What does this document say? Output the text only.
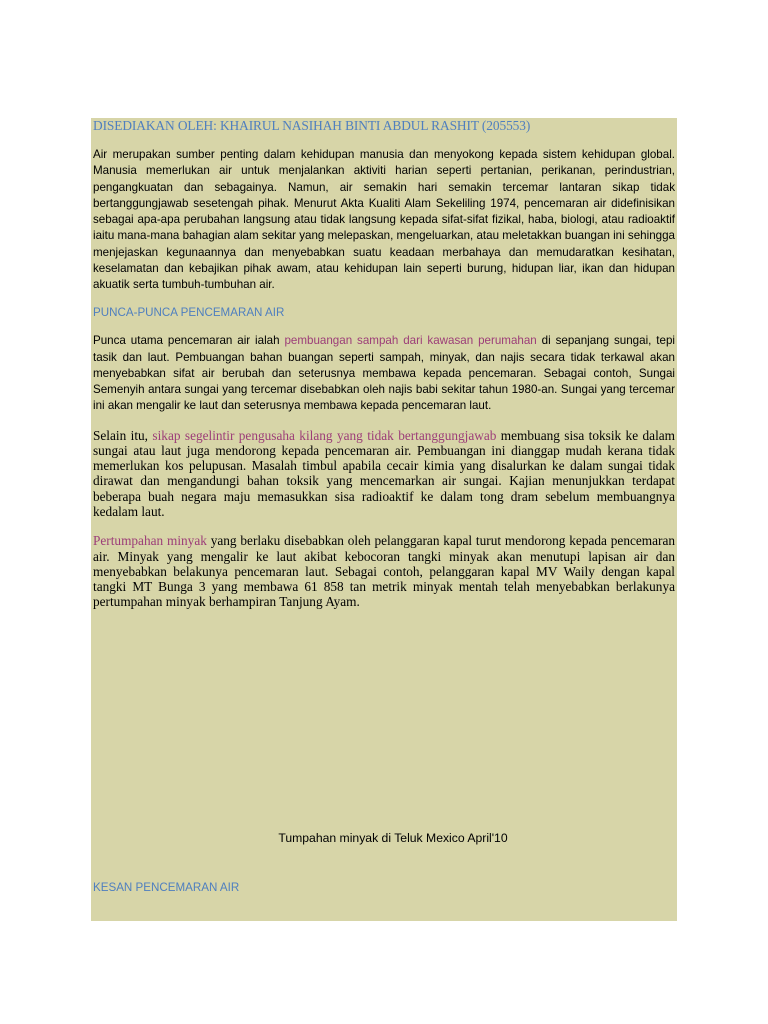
DISEDIAKAN OLEH: KHAIRUL NASIHAH BINTI ABDUL RASHIT (205553)

Air merupakan sumber penting dalam kehidupan manusia dan menyokong kepada sistem kehidupan global. Manusia memerlukan air untuk menjalankan aktiviti harian seperti pertanian, perikanan, perindustrian, pengangkuatan dan sebagainya. Namun, air semakin hari semakin tercemar lantaran sikap tidak bertanggungjawab sesetengah pihak. Menurut Akta Kualiti Alam Sekeliling 1974, pencemaran air didefinisikan sebagai apa-apa perubahan langsung atau tidak langsung kepada sifat-sifat fizikal, haba, biologi, atau radioaktif iaitu mana-mana bahagian alam sekitar yang melepaskan, mengeluarkan, atau meletakkan buangan ini sehingga menjejaskan kegunaannya dan menyebabkan suatu keadaan merbahaya dan memudaratkan kesihatan, keselamatan dan kebajikan pihak awam, atau kehidupan lain seperti burung, hidupan liar, ikan dan hidupan akuatik serta tumbuh-tumbuhan air.

PUNCA-PUNCA PENCEMARAN AIR

Punca utama pencemaran air ialah pembuangan sampah dari kawasan perumahan di sepanjang sungai, tepi tasik dan laut. Pembuangan bahan buangan seperti sampah, minyak, dan najis secara tidak terkawal akan menyebabkan sifat air berubah dan seterusnya membawa kepada pencemaran. Sebagai contoh, Sungai Semenyih antara sungai yang tercemar disebabkan oleh najis babi sekitar tahun 1980-an. Sungai yang tercemar ini akan mengalir ke laut dan seterusnya membawa kepada pencemaran laut.

Selain itu, sikap segelintir pengusaha kilang yang tidak bertanggungjawab membuang sisa toksik ke dalam sungai atau laut juga mendorong kepada pencemaran air. Pembuangan ini dianggap mudah kerana tidak memerlukan kos pelupusan. Masalah timbul apabila cecair kimia yang disalurkan ke dalam sungai tidak dirawat dan mengandungi bahan toksik yang mencemarkan air sungai. Kajian menunjukkan terdapat beberapa buah negara maju memasukkan sisa radioaktif ke dalam tong dram sebelum membuangnya kedalam laut.

Pertumpahan minyak yang berlaku disebabkan oleh pelanggaran kapal turut mendorong kepada pencemaran air. Minyak yang mengalir ke laut akibat kebocoran tangki minyak akan menutupi lapisan air dan menyebabkan belakunya pencemaran laut. Sebagai contoh, pelanggaran kapal MV Waily dengan kapal tangki MT Bunga 3 yang membawa 61 858 tan metrik minyak mentah telah menyebabkan berlakunya pertumpahan minyak berhampiran Tanjung Ayam.

Tumpahan minyak di Teluk Mexico April'10

KESAN PENCEMARAN AIR
